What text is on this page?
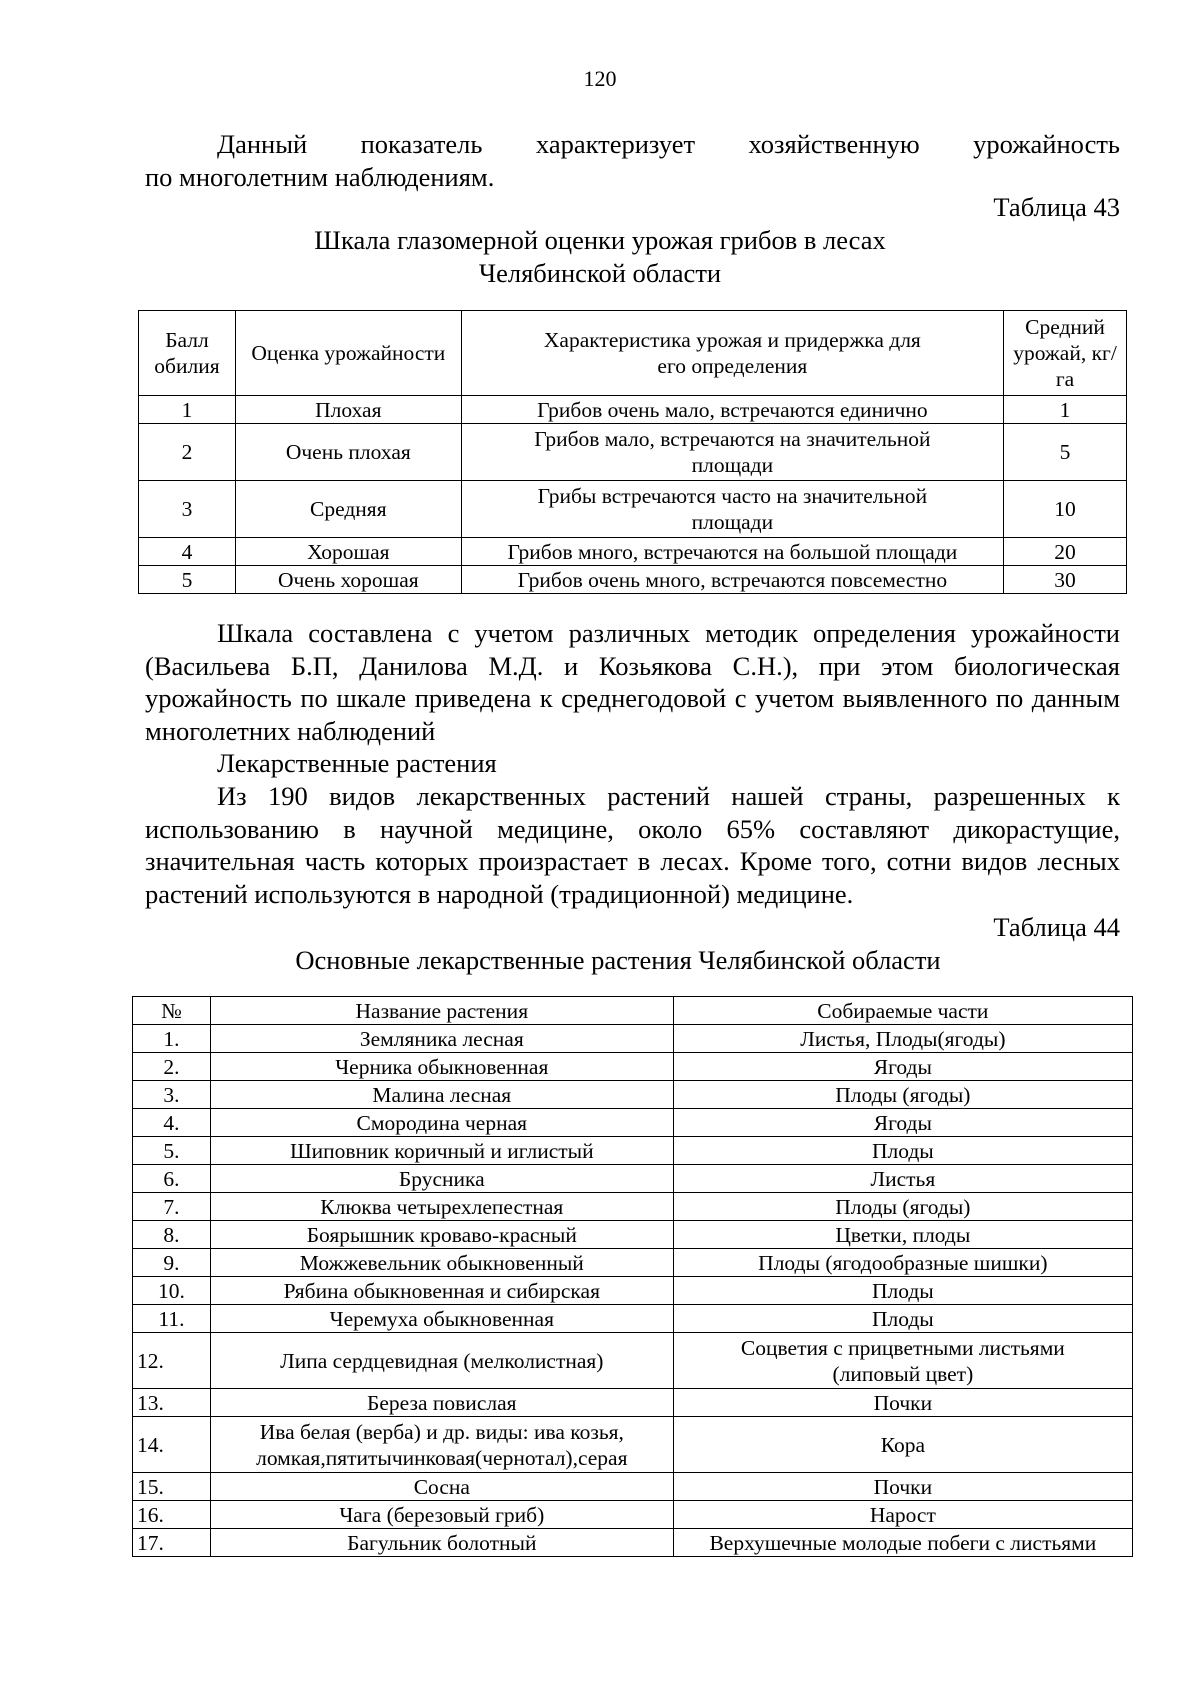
120
Данный показатель характеризует хозяйственную урожайность
по многолетним наблюдениям.
Таблица 43
Шкала глазомерной оценки урожая грибов в лесах
Челябинской области
Балл обилия	Оценка урожайности	Характеристика урожая и придержка для его определения	Средний урожай, кг/га
1	Плохая	Грибов очень мало, встречаются единично	1
2	Очень плохая	Грибов мало, встречаются на значительной площади	5
3	Средняя	Грибы встречаются часто на значительной площади	10
4	Хорошая	Грибов много, встречаются на большой площади	20
5	Очень хорошая	Грибов очень много, встречаются повсеместно	30

Шкала составлена с учетом различных методик определения урожайности (Васильева Б.П, Данилова М.Д. и Козьякова С.Н.), при этом биологическая урожайность по шкале приведена к среднегодовой с учетом выявленного по данным многолетних наблюдений

Лекарственные растения

Из 190 видов лекарственных растений нашей страны, разрешенных к использованию в научной медицине, около 65% составляют дикорастущие, значительная часть которых произрастает в лесах. Кроме того, сотни видов лесных растений используются в народной (традиционной) медицине.

Таблица 44
Основные лекарственные растения Челябинской области
№	Название растения	Собираемые части
1.	Земляника лесная	Листья, Плоды(ягоды)
2.	Черника обыкновенная	Ягоды
3.	Малина лесная	Плоды (ягоды)
4.	Смородина черная	Ягоды
5.	Шиповник коричный и иглистый	Плоды
6.	Брусника	Листья
7.	Клюква четырехлепестная	Плоды (ягоды)
8.	Боярышник кроваво-красный	Цветки, плоды
9.	Можжевельник обыкновенный	Плоды (ягодообразные шишки)
10.	Рябина обыкновенная и сибирская	Плоды
11.	Черемуха обыкновенная	Плоды
12.	Липа сердцевидная (мелколистная)	Соцветия с прицветными листьями (липовый цвет)
13.	Береза повислая	Почки
14.	Ива белая (верба) и др. виды: ива козья, ломкая,пятитычинковая(чернотал),серая	Кора
15.	Сосна	Почки
16.	Чага (березовый гриб)	Нарост
17.	Багульник болотный	Верхушечные молодые побеги с листьями
